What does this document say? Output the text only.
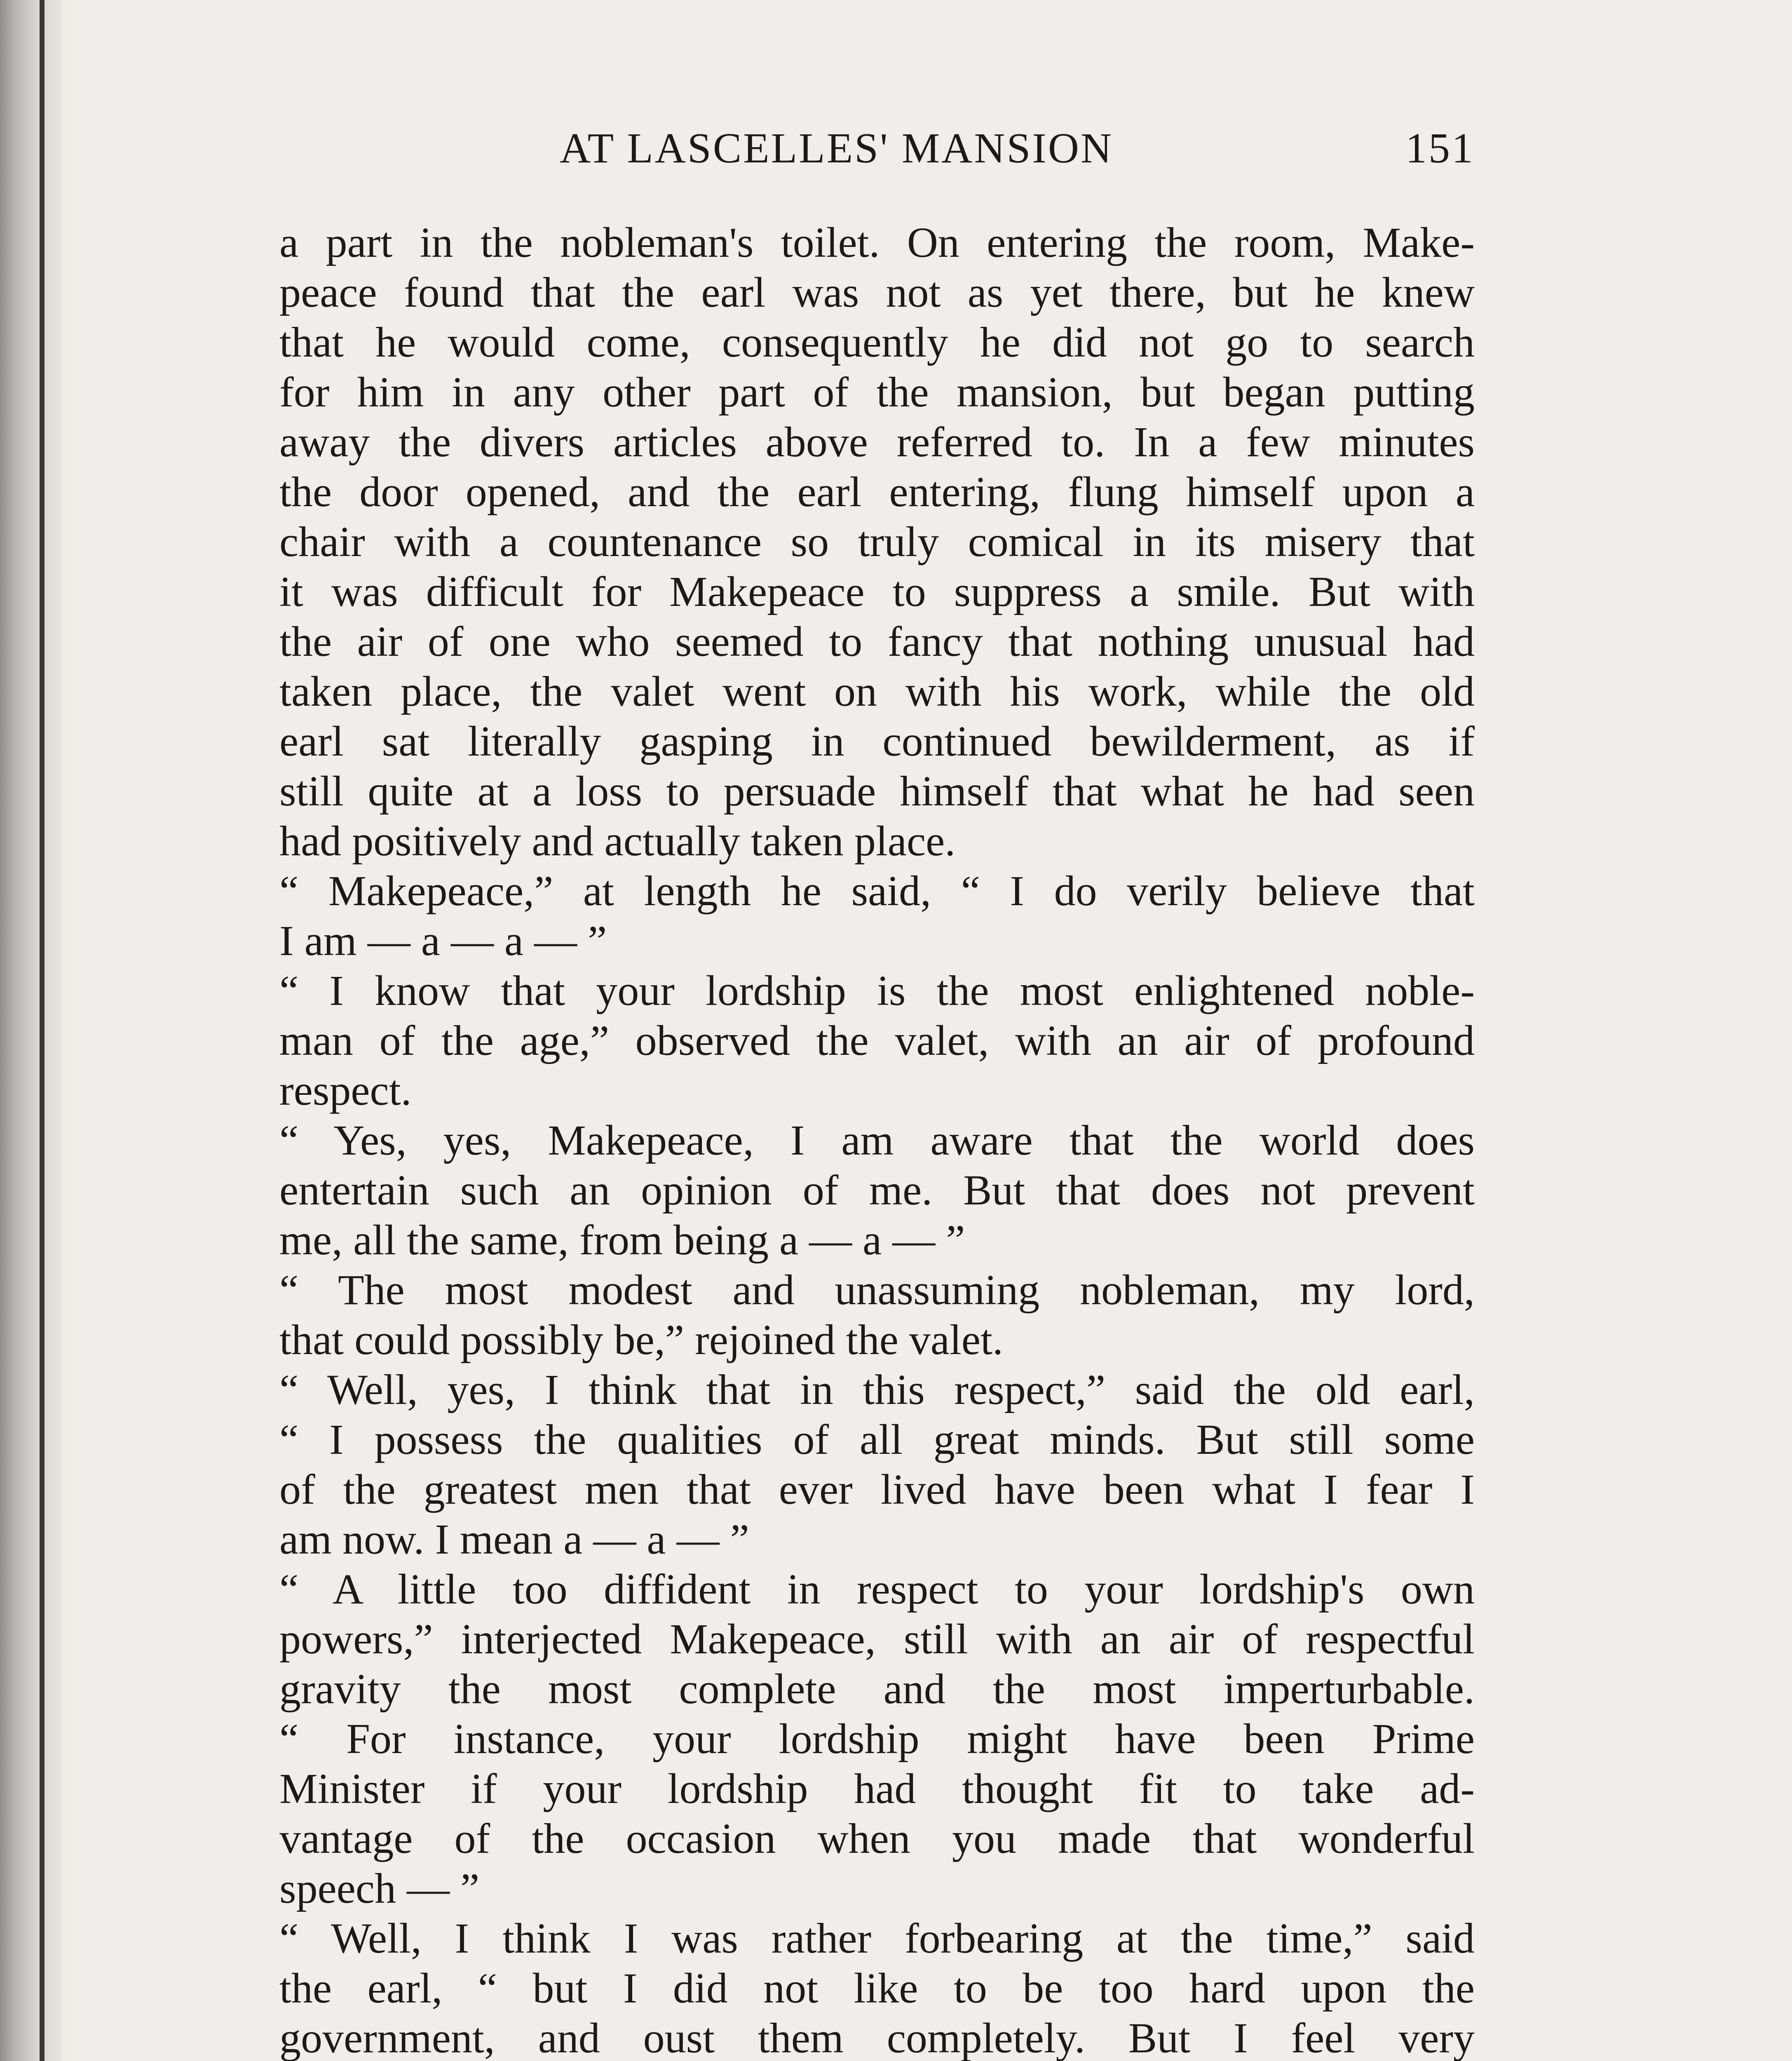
AT LASCELLES' MANSION	151
a part in the nobleman's toilet. On entering the room, Make-
peace found that the earl was not as yet there, but he knew
that he would come, consequently he did not go to search
for him in any other part of the mansion, but began putting
away the divers articles above referred to. In a few minutes
the door opened, and the earl entering, flung himself upon a
chair with a countenance so truly comical in its misery that
it was difficult for Makepeace to suppress a smile. But with
the air of one who seemed to fancy that nothing unusual had
taken place, the valet went on with his work, while the old
earl sat literally gasping in continued bewilderment, as if
still quite at a loss to persuade himself that what he had seen
had positively and actually taken place.
“ Makepeace,” at length he said, “ I do verily believe that
I am — a — a — ”
“ I know that your lordship is the most enlightened noble-
man of the age,” observed the valet, with an air of profound
respect.
“ Yes, yes, Makepeace, I am aware that the world does
entertain such an opinion of me. But that does not prevent
me, all the same, from being a — a — ”
“ The most modest and unassuming nobleman, my lord,
that could possibly be,” rejoined the valet.
“ Well, yes, I think that in this respect,” said the old earl,
“ I possess the qualities of all great minds. But still some
of the greatest men that ever lived have been what I fear I
am now. I mean a — a — ”
“ A little too diffident in respect to your lordship's own
powers,” interjected Makepeace, still with an air of respectful
gravity the most complete and the most imperturbable.
“ For instance, your lordship might have been Prime
Minister if your lordship had thought fit to take ad-
vantage of the occasion when you made that wonderful
speech — ”
“ Well, I think I was rather forbearing at the time,” said
the earl, “ but I did not like to be too hard upon the
government, and oust them completely. But I feel very
